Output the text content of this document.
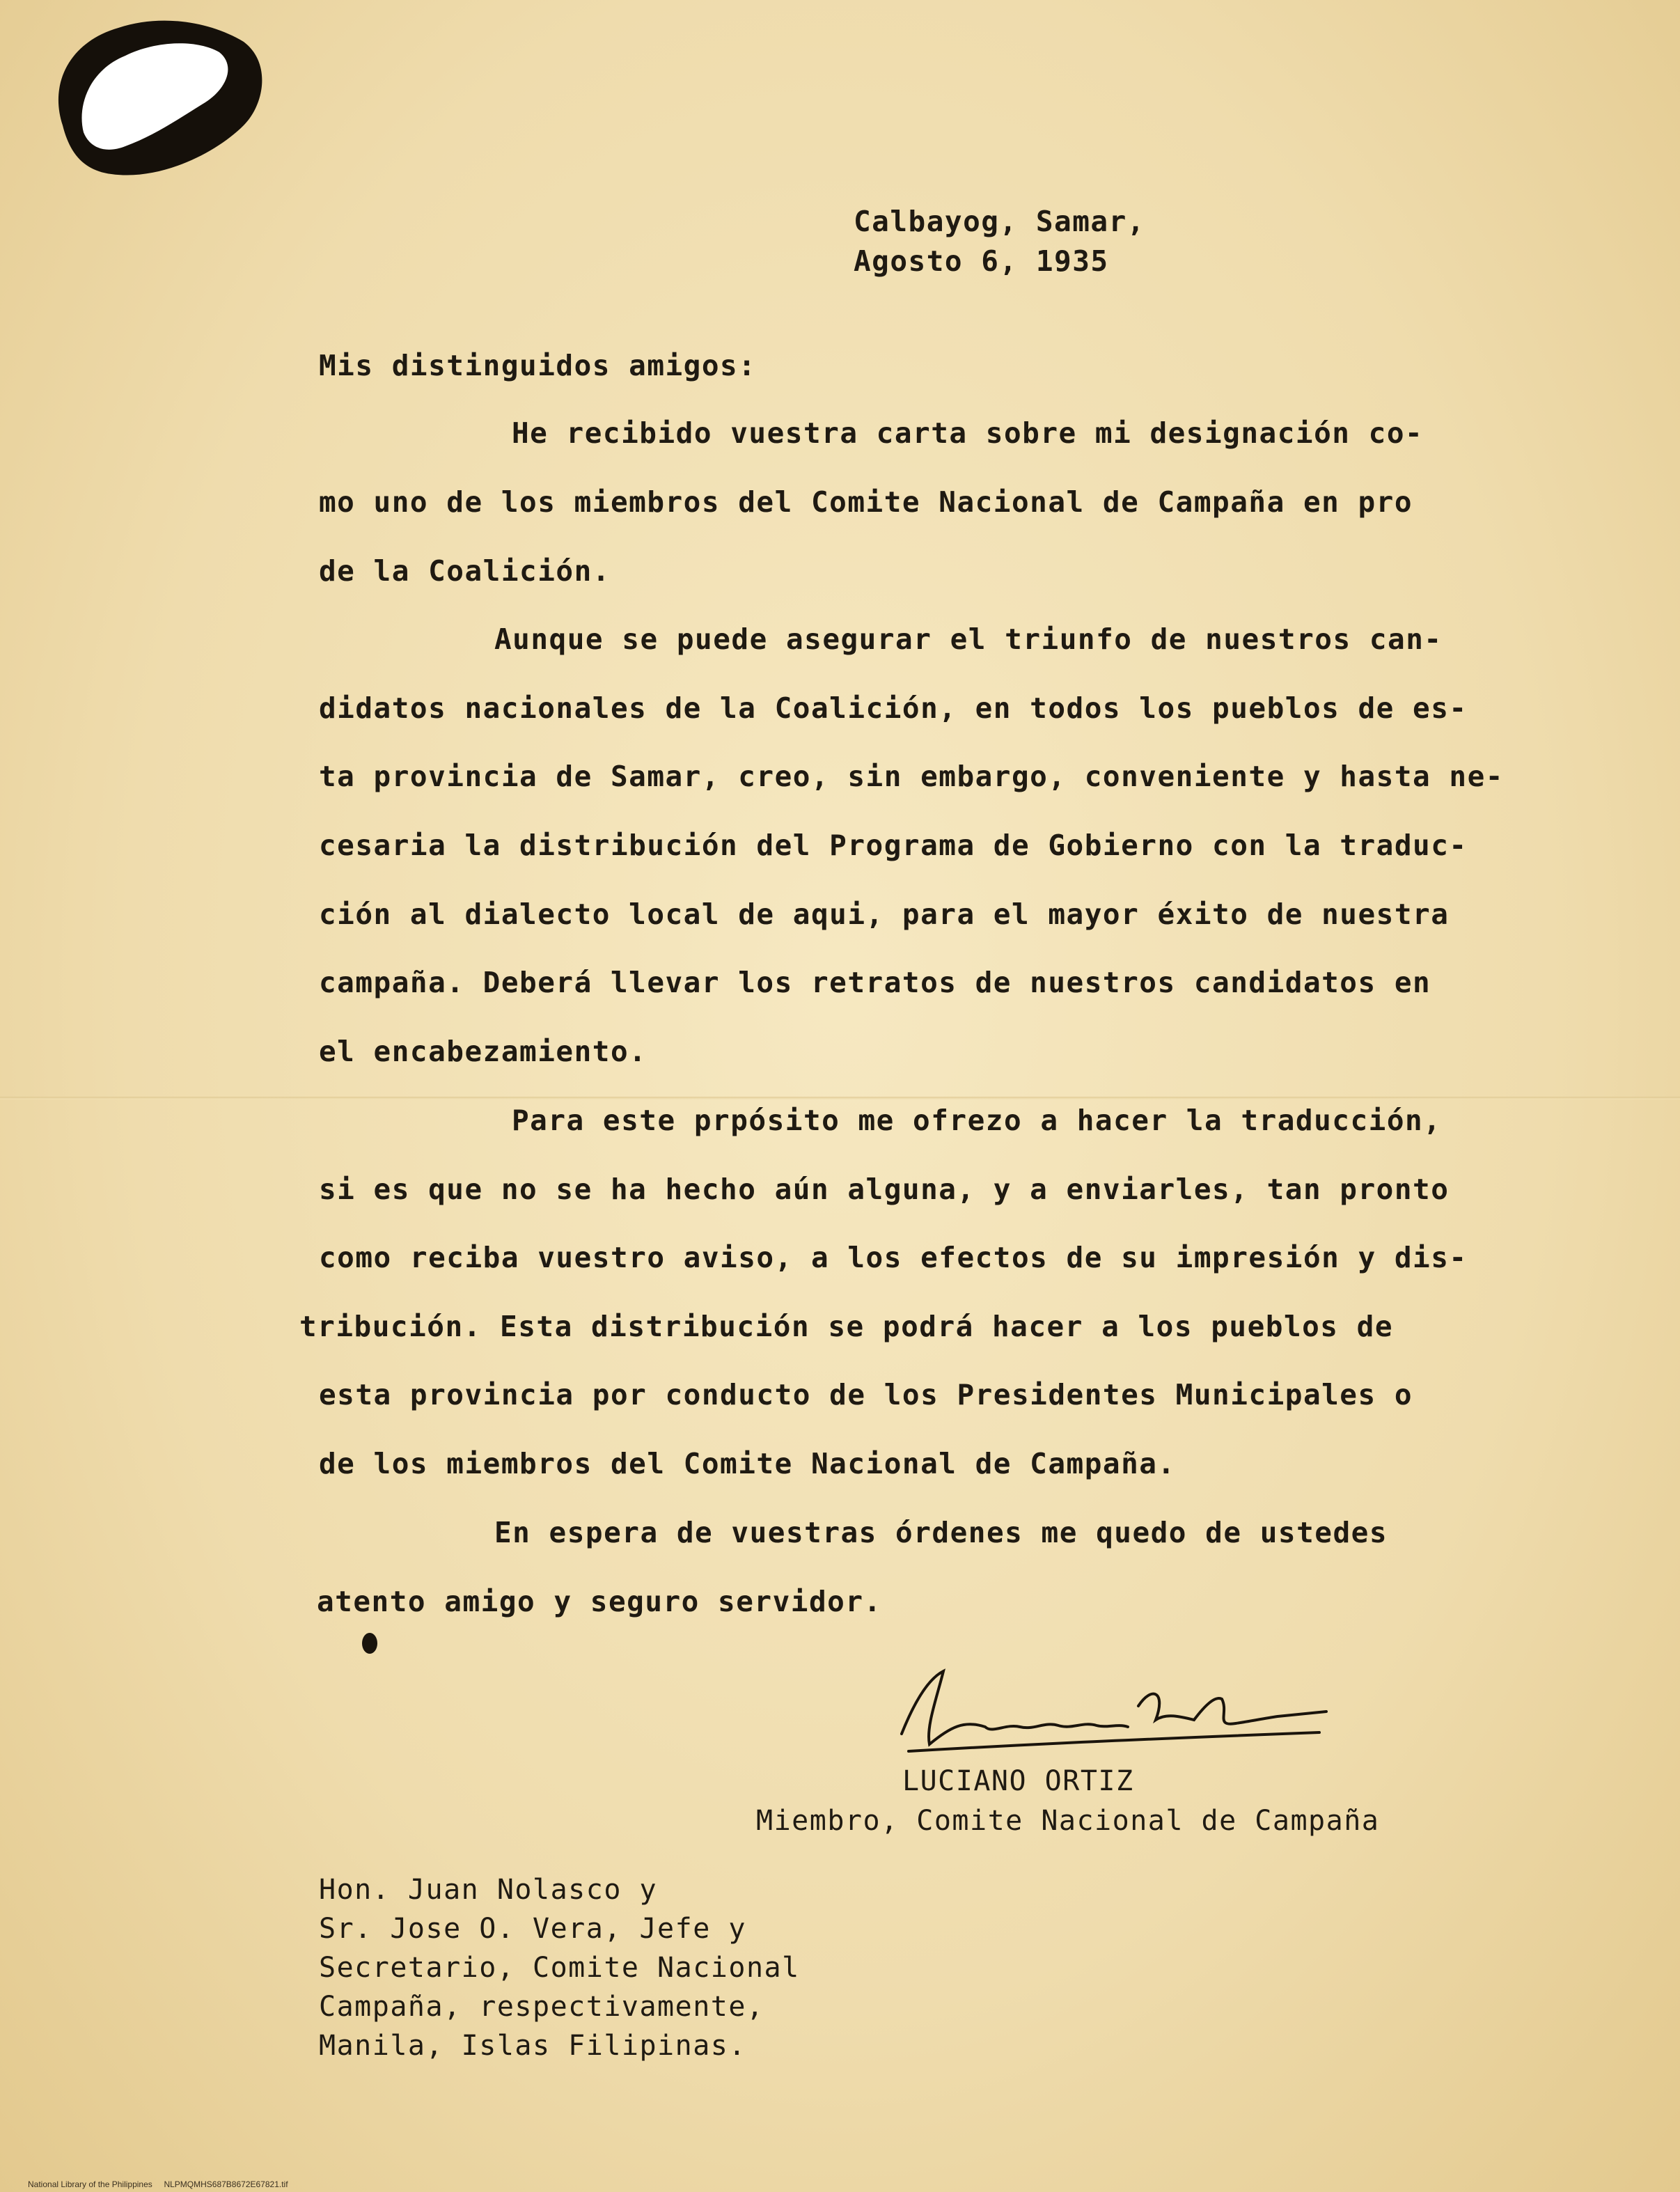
Calbayog, Samar,
Agosto 6, 1935
Mis distinguidos amigos:
He recibido vuestra carta sobre mi designación co-
mo uno de los miembros del Comite Nacional de Campaña en pro
de la Coalición.
Aunque se puede asegurar el triunfo de nuestros can-
didatos nacionales de la Coalición, en todos los pueblos de es-
ta provincia de Samar, creo, sin embargo, conveniente y hasta ne-
cesaria la distribución del Programa de Gobierno con la traduc-
ción al dialecto local de aqui, para el mayor éxito de nuestra
campaña. Deberá llevar los retratos de nuestros candidatos en
el encabezamiento.
Para este prpósito me ofrezo a hacer la traducción,
si es que no se ha hecho aún alguna, y a enviarles, tan pronto
como reciba vuestro aviso, a los efectos de su impresión y dis-
tribución. Esta distribución se podrá hacer a los pueblos de
esta provincia por conducto de los Presidentes Municipales o
de los miembros del Comite Nacional de Campaña.
En espera de vuestras órdenes me quedo de ustedes
atento amigo y seguro servidor.
LUCIANO ORTIZ
Miembro, Comite Nacional de Campaña
Hon. Juan Nolasco y
Sr. Jose O. Vera, Jefe y
Secretario, Comite Nacional
Campaña, respectivamente,
Manila, Islas Filipinas.
National Library of the Philippines     NLPMQMHS687B8672E67821.tif
